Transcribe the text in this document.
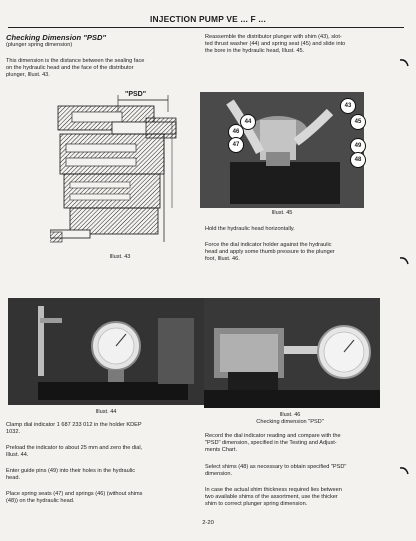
INJECTION PUMP VE ... F ...
Checking Dimension "PSD"
(plunger spring dimension)
This dimension is the distance between the sealing face
on the hydraulic head and the face of the distributor
plunger, Illust. 43.
"PSD"
Illust. 43
Illust. 44
Clamp dial indicator 1 687 233 012 in the holder KDEP
1032.
Preload the indicator to about 25 mm and zero the dial,
Illust. 44.
Enter guide pins (49) into their holes in the hydraulic
head.
Place spring seats (47) and springs (46) (without shims
(48)) on the hydraulic head.
Reassemble the distributor plunger with shim (43), slot-
ted thrust washer (44) and spring seat (45) and slide into
the bore in the hydraulic head, Illust. 45.
43
44	45
46
47	49
48
Illust. 45
Hold the hydraulic head horizontally.
Force the dial indicator holder against the hydraulic
head and apply some thumb pressure to the plunger
foot, Illust. 46.
Illust. 46
Checking dimension "PSD"
Record the dial indicator reading and compare with the
"PSD" dimension, specified in the Testing and Adjust-
ments Chart.
Select shims (48) as necessary to obtain specified "PSD"
dimension.
In case the actual shim thickness required lies between
two available shims of the assortment, use the thicker
shim to correct plunger spring dimension.
2-20
